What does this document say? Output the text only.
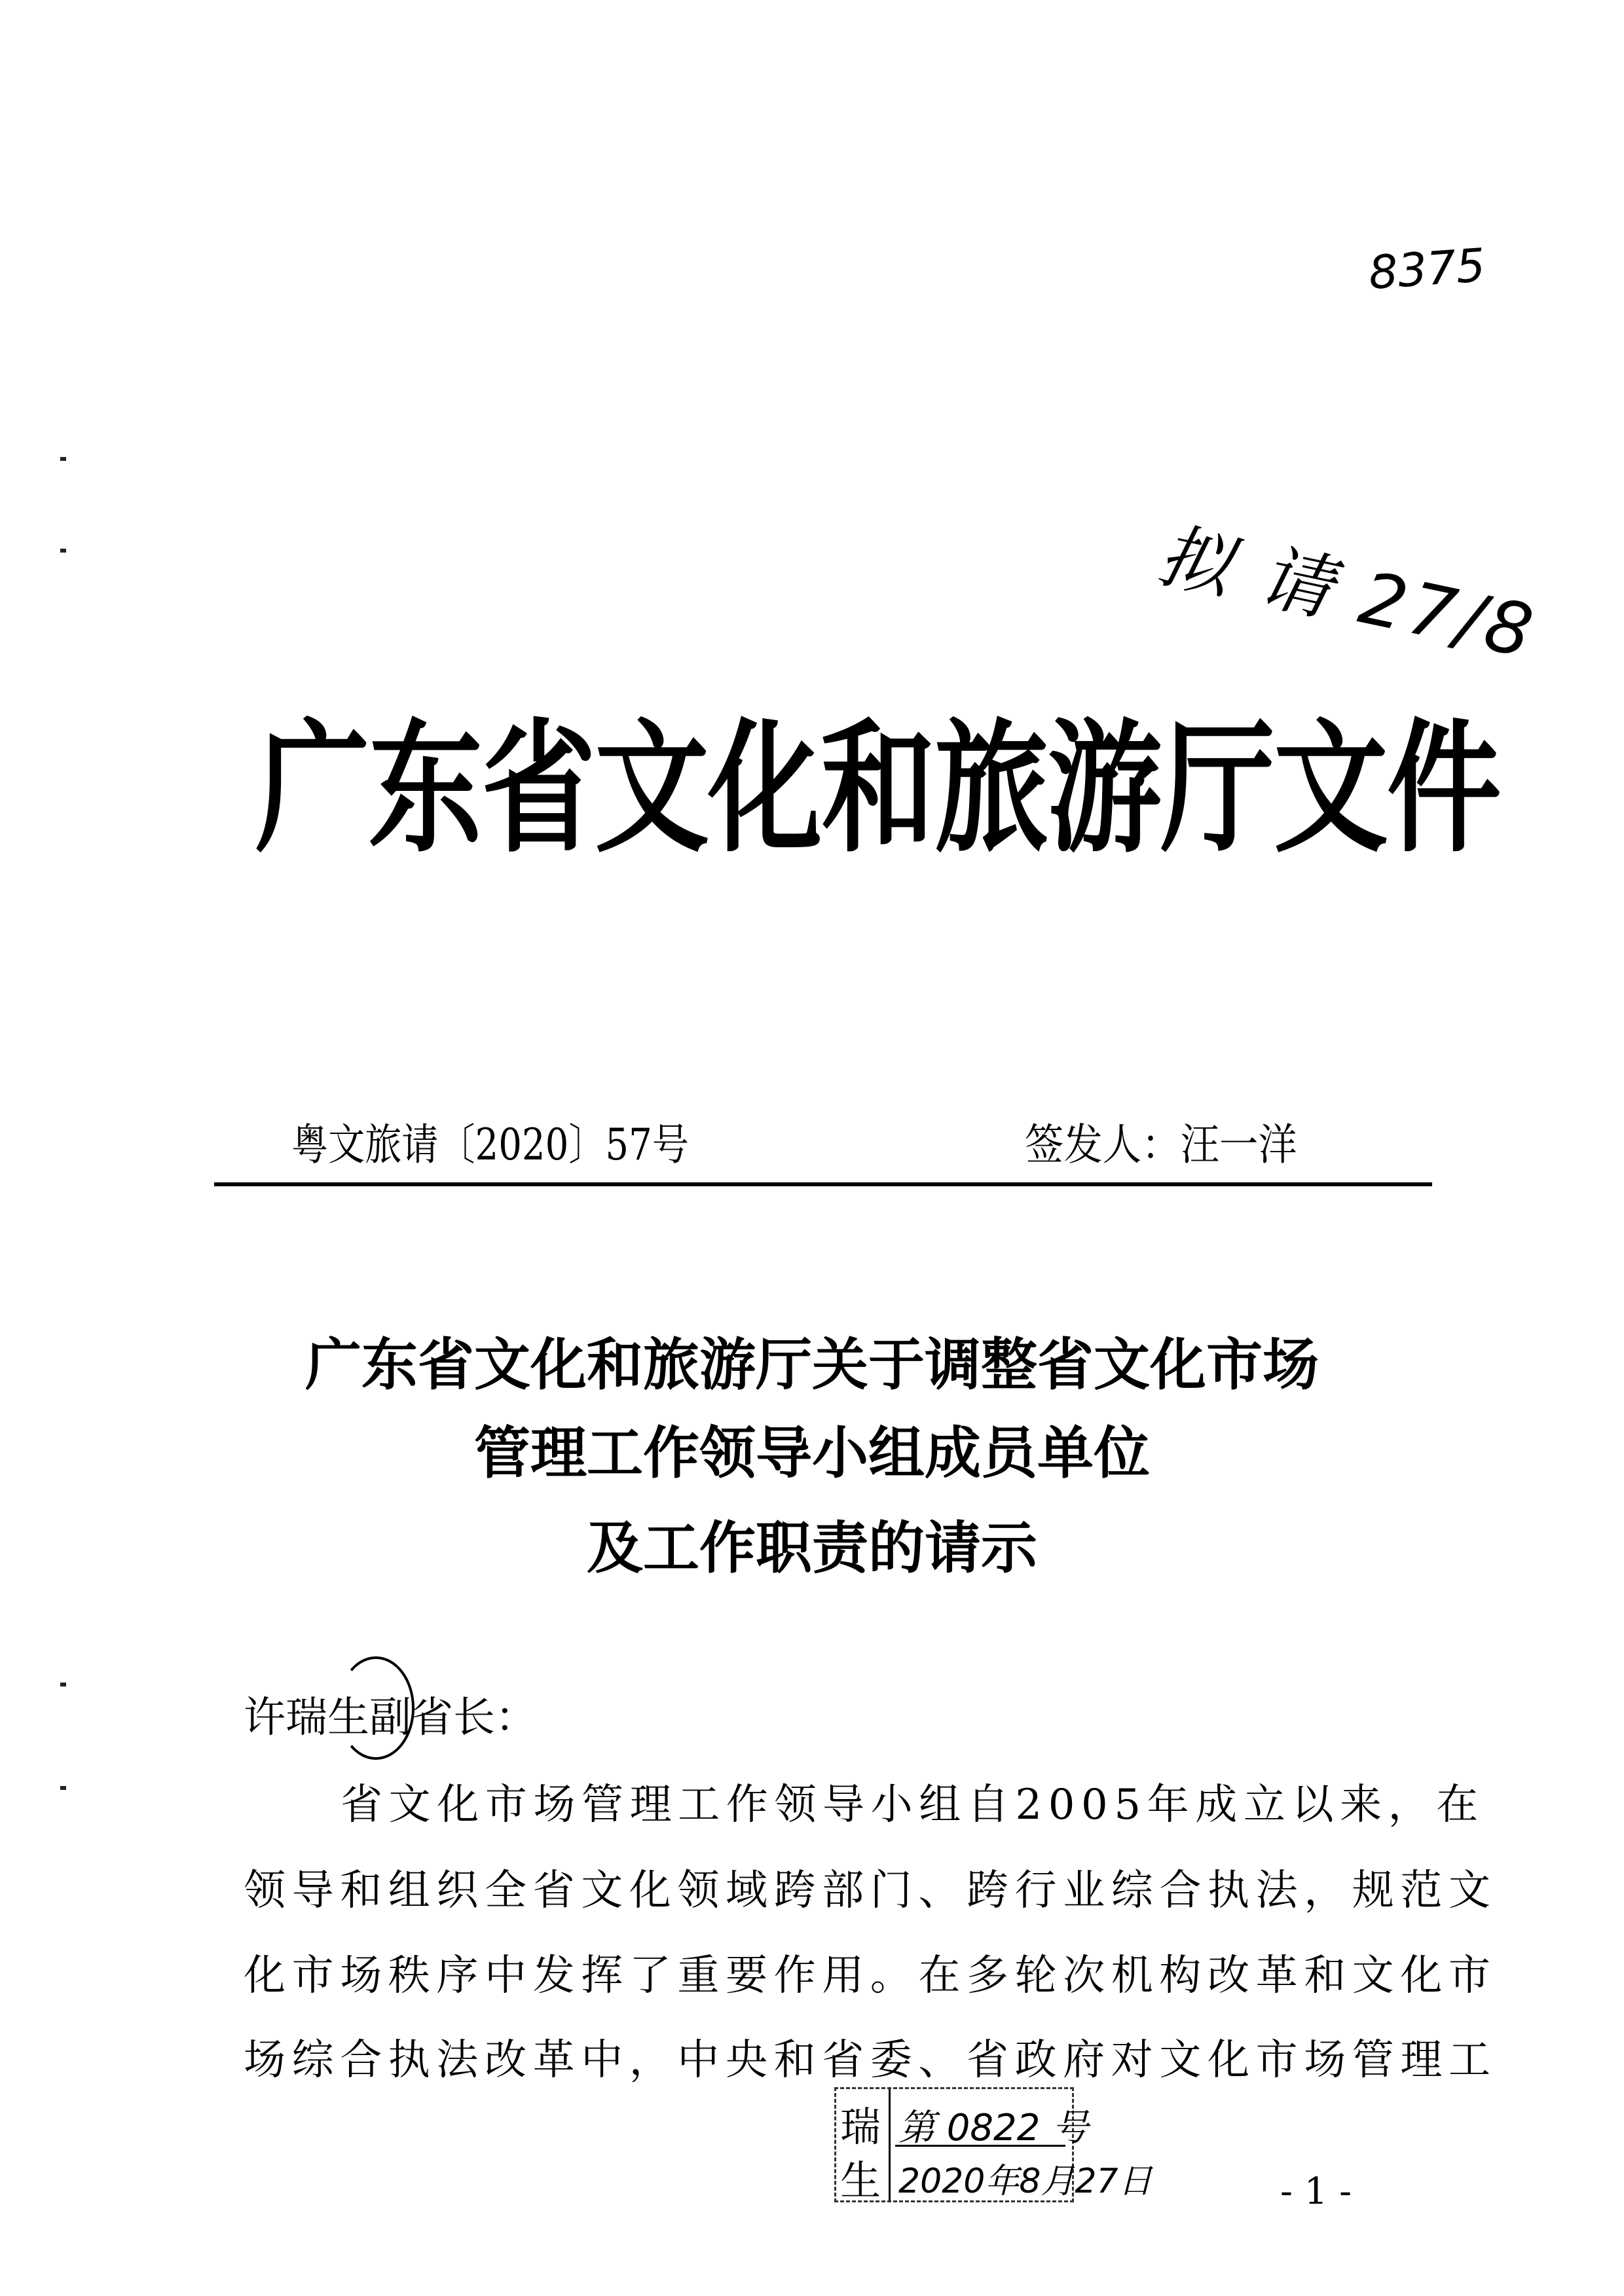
8375
拟 请 27/8
广东省文化和旅游厅文件
粤文旅请〔2020〕57号	签发人：汪一洋
广东省文化和旅游厅关于调整省文化市场
管理工作领导小组成员单位
及工作职责的请示
许瑞生副省长：
省文化市场管理工作领导小组自2005年成立以来，在
领导和组织全省文化领域跨部门、跨行业综合执法，规范文
化市场秩序中发挥了重要作用。在多轮次机构改革和文化市
场综合执法改革中，中央和省委、省政府对文化市场管理工
瑞
生
第 0822 号
2020年8月27日	- 1 -
